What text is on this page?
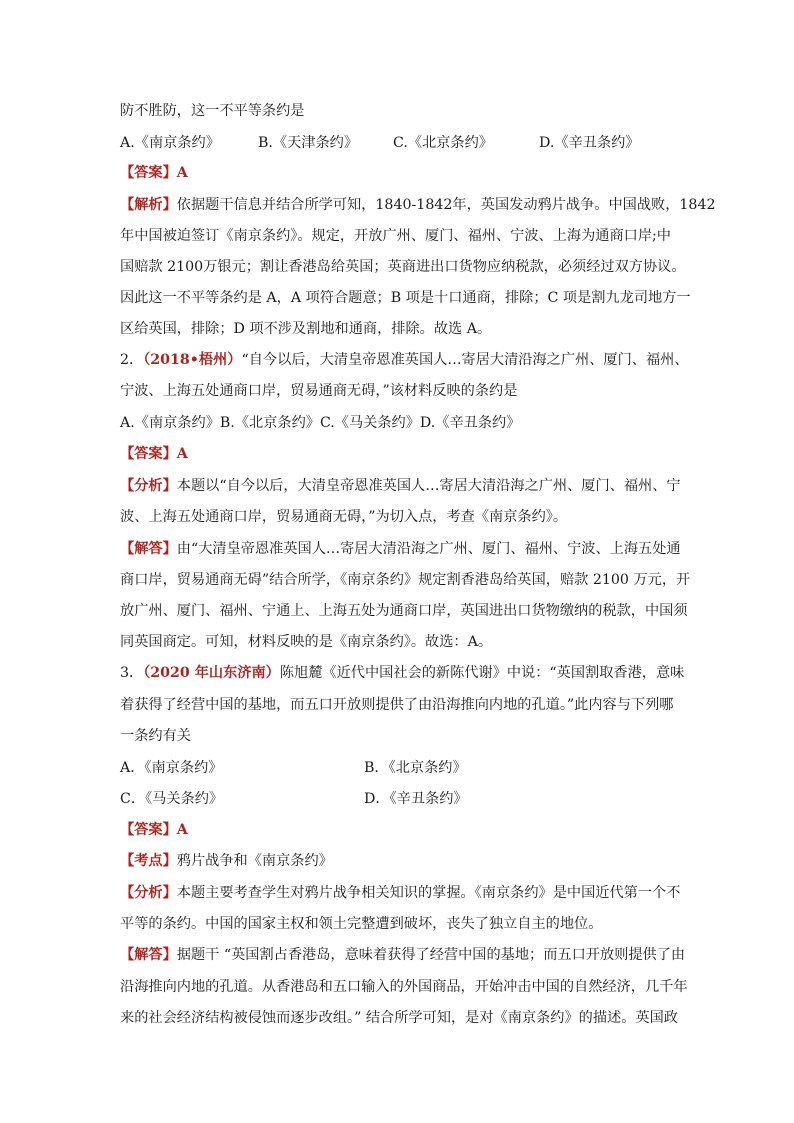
防不胜防，这一不平等条约是
A.《南京条约》	B.《天津条约》 C.《北京条约》	D.《辛丑条约》
【答案】A
【解析】依据题干信息并结合所学可知，1840-1842年，英国发动鸦片战争。中国战败，1842
年中国被迫签订《南京条约》。规定，开放广州、厦门、福州、宁波、上海为通商口岸;中
国赔款 2100万银元；割让香港岛给英国；英商进出口货物应纳税款，必须经过双方协议。
因此这一不平等条约是 A，A 项符合题意；B 项是十口通商，排除；C 项是割九龙司地方一
区给英国，排除；D 项不涉及割地和通商，排除。故选 A。
2．（2018•梧州）“自今以后，大清皇帝恩准英国人…寄居大清沿海之广州、厦门、福州、
宁波、上海五处通商口岸，贸易通商无碍，”该材料反映的条约是
A.《南京条约》B.《北京条约》C.《马关条约》D.《辛丑条约》
【答案】A
【分析】本题以“自今以后，大清皇帝恩准英国人…寄居大清沿海之广州、厦门、福州、宁
波、上海五处通商口岸，贸易通商无碍，”为切入点，考查《南京条约》。
【解答】由“大清皇帝恩准英国人…寄居大清沿海之广州、厦门、福州、宁波、上海五处通
商口岸，贸易通商无碍”结合所学，《南京条约》规定割香港岛给英国，赔款 2100 万元，开
放广州、厦门、福州、宁通上、上海五处为通商口岸，英国进出口货物缴纳的税款，中国须
同英国商定。可知，材料反映的是《南京条约》。故选：A。
3．（2020 年山东济南）陈旭麓《近代中国社会的新陈代谢》中说：“英国割取香港，意味
着获得了经营中国的基地，而五口开放则提供了由沿海推向内地的孔道。”此内容与下列哪
一条约有关
A．《南京条约》	B．《北京条约》
C．《马关条约》	D．《辛丑条约》
【答案】A
【考点】鸦片战争和《南京条约》
【分析】本题主要考查学生对鸦片战争相关知识的掌握。《南京条约》是中国近代第一个不
平等的条约。中国的国家主权和领土完整遭到破坏，丧失了独立自主的地位。
【解答】据题干 “英国割占香港岛，意味着获得了经营中国的基地；而五口开放则提供了由
沿海推向内地的孔道。从香港岛和五口输入的外国商品，开始冲击中国的自然经济，几千年
来的社会经济结构被侵蚀而逐步改组。” 结合所学可知，是对《南京条约》的描述。英国政
